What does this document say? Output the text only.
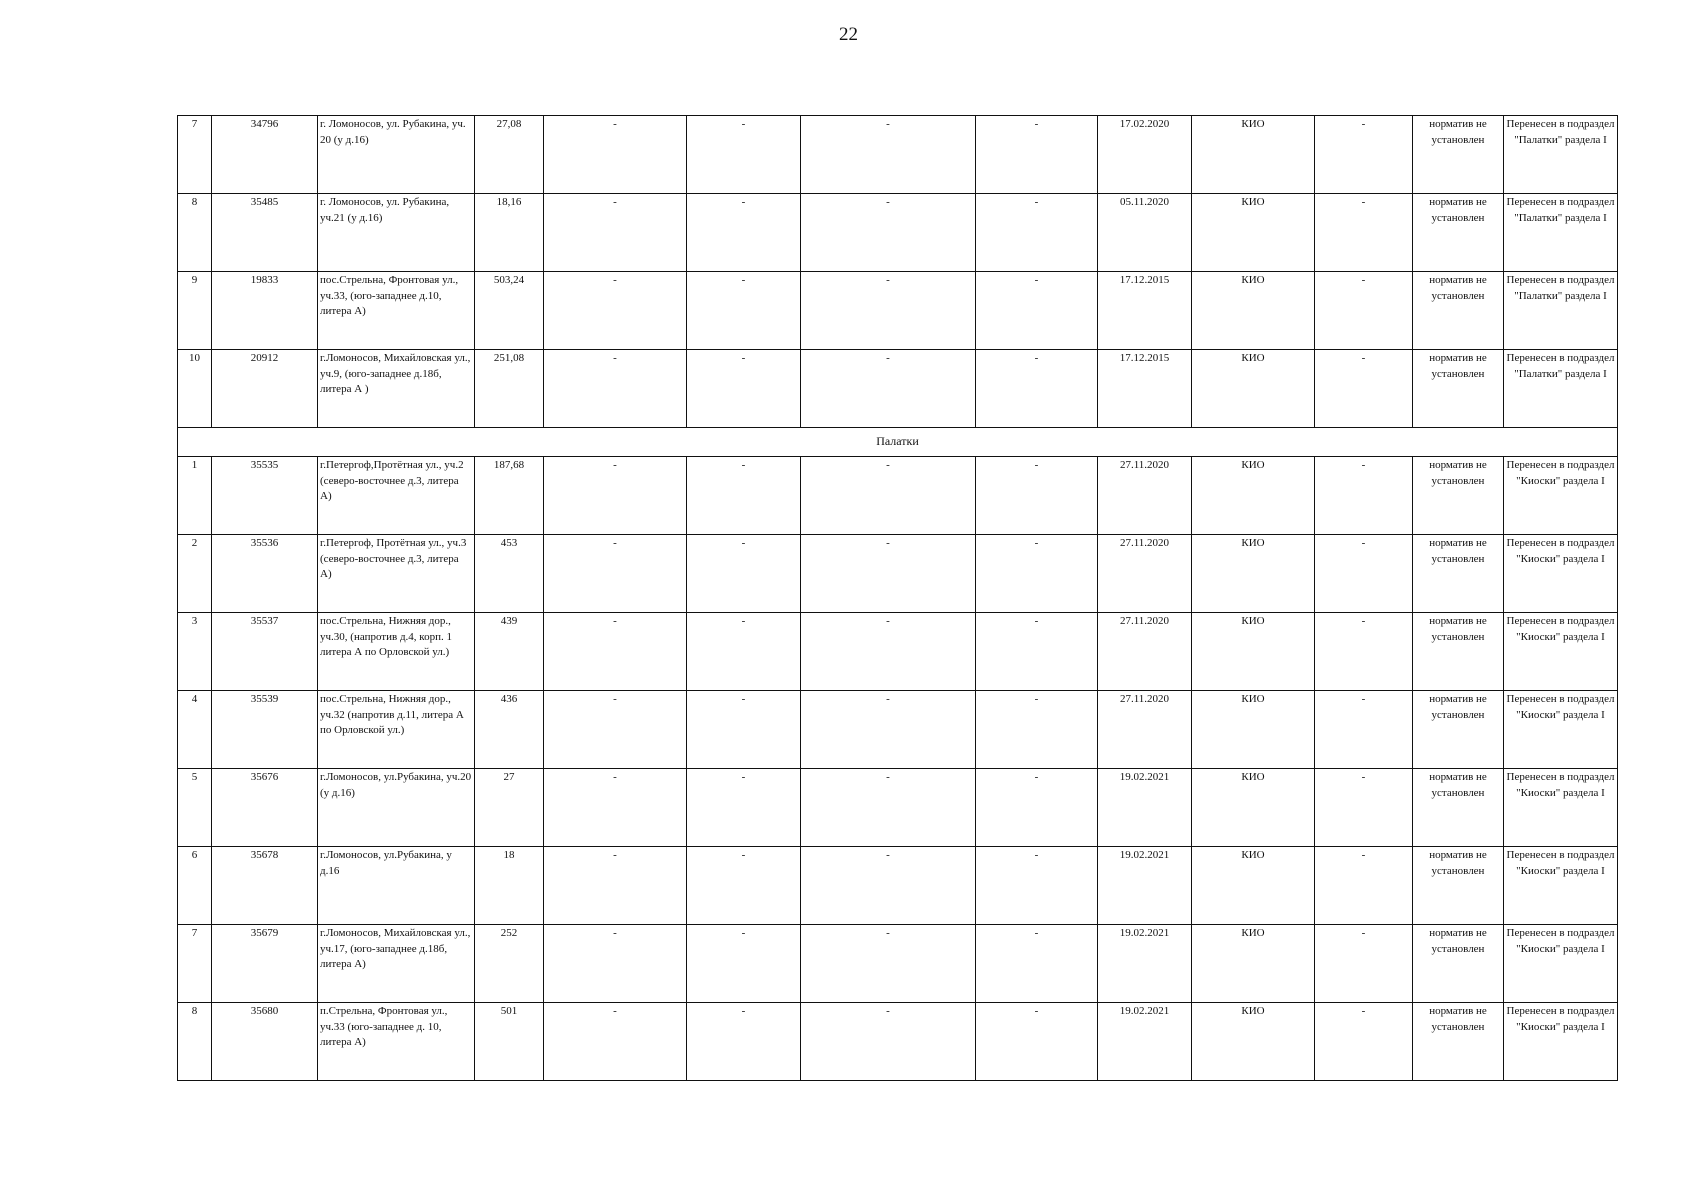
22
7	34796	г. Ломоносов, ул. Рубакина, уч. 20 (у д.16)	27,08	-	-	-	-	17.02.2020	КИО	-	норматив не установлен	Перенесен в подраздел "Палатки" раздела I
8	35485	г. Ломоносов, ул. Рубакина, уч.21 (у д.16)	18,16	-	-	-	-	05.11.2020	КИО	-	норматив не установлен	Перенесен в подраздел "Палатки" раздела I
9	19833	пос.Стрельна, Фронтовая ул., уч.33, (юго-западнее д.10, литера А)	503,24	-	-	-	-	17.12.2015	КИО	-	норматив не установлен	Перенесен в подраздел "Палатки" раздела I
10	20912	г.Ломоносов, Михайловская ул., уч.9, (юго-западнее д.18б, литера А )	251,08	-	-	-	-	17.12.2015	КИО	-	норматив не установлен	Перенесен в подраздел "Палатки" раздела I
Палатки												
1	35535	г.Петергоф,Протётная ул., уч.2 (северо-восточнее д.3, литера А)	187,68	-	-	-	-	27.11.2020	КИО	-	норматив не установлен	Перенесен в подраздел "Киоски" раздела I
2	35536	г.Петергоф, Протётная ул., уч.3 (северо-восточнее д.3, литера А)	453	-	-	-	-	27.11.2020	КИО	-	норматив не установлен	Перенесен в подраздел "Киоски" раздела I
3	35537	пос.Стрельна, Нижняя дор., уч.30, (напротив д.4, корп. 1 литера А по Орловской ул.)	439	-	-	-	-	27.11.2020	КИО	-	норматив не установлен	Перенесен в подраздел "Киоски" раздела I
4	35539	пос.Стрельна, Нижняя дор., уч.32 (напротив д.11, литера А по Орловской ул.)	436	-	-	-	-	27.11.2020	КИО	-	норматив не установлен	Перенесен в подраздел "Киоски" раздела I
5	35676	г.Ломоносов, ул.Рубакина, уч.20 (у д.16)	27	-	-	-	-	19.02.2021	КИО	-	норматив не установлен	Перенесен в подраздел "Киоски" раздела I
6	35678	г.Ломоносов, ул.Рубакина, у д.16	18	-	-	-	-	19.02.2021	КИО	-	норматив не установлен	Перенесен в подраздел "Киоски" раздела I
7	35679	г.Ломоносов, Михайловская ул., уч.17, (юго-западнее д.18б, литера А)	252	-	-	-	-	19.02.2021	КИО	-	норматив не установлен	Перенесен в подраздел "Киоски" раздела I
8	35680	п.Стрельна, Фронтовая ул., уч.33 (юго-западнее д. 10, литера А)	501	-	-	-	-	19.02.2021	КИО	-	норматив не установлен	Перенесен в подраздел "Киоски" раздела I
